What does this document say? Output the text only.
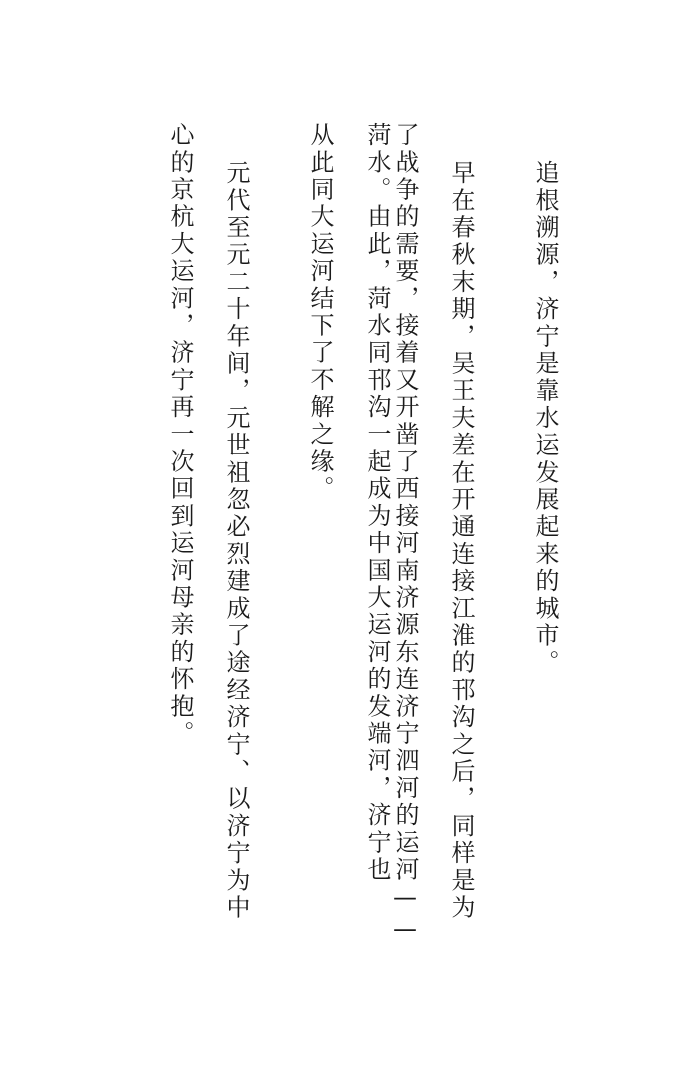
追根溯源，济宁是靠水运发展起来的城市。
早在春秋末期，吴王夫差在开通连接江淮的邗沟之后，同样是为
了战争的需要，接着又开凿了西接河南济源东连济宁泗河的运河——
菏水。由此，菏水同邗沟一起成为中国大运河的发端河，济宁也
从此同大运河结下了不解之缘。
元代至元二十年间，元世祖忽必烈建成了途经济宁、以济宁为中
心的京杭大运河，济宁再一次回到运河母亲的怀抱。
